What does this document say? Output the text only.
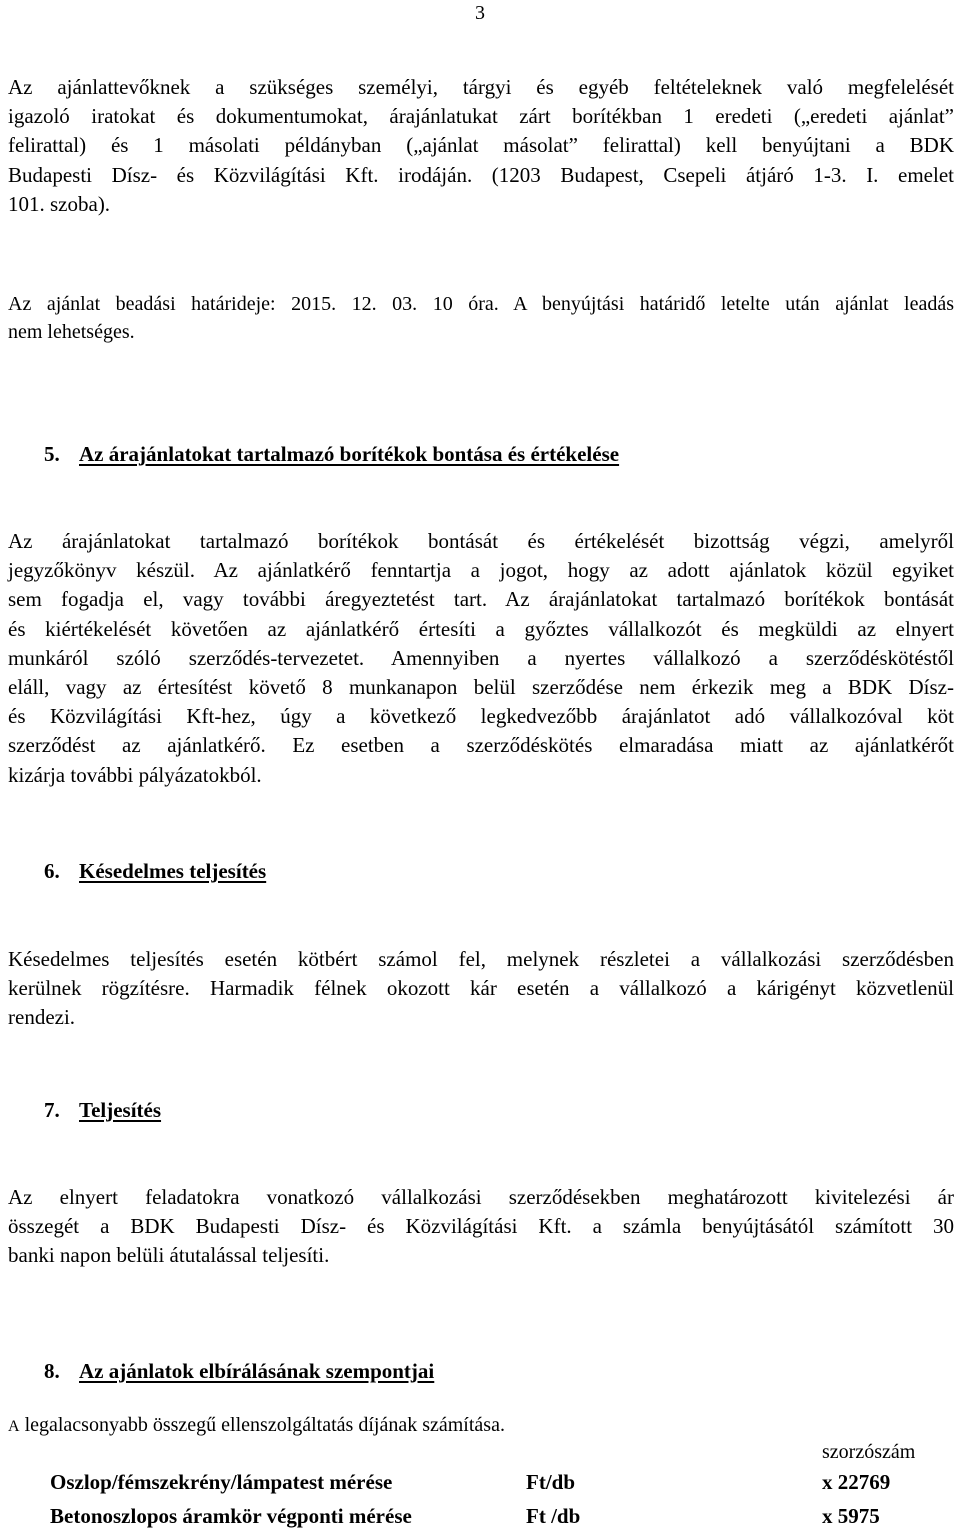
3
Az ajánlattevőknek a szükséges személyi, tárgyi és egyéb feltételeknek való megfelelését
igazoló iratokat és dokumentumokat, árajánlatukat zárt borítékban 1 eredeti („eredeti ajánlat”
felirattal) és 1 másolati példányban („ajánlat másolat” felirattal) kell benyújtani a BDK
Budapesti Dísz- és Közvilágítási Kft. irodáján. (1203 Budapest, Csepeli átjáró 1-3. I. emelet
101. szoba).
Az ajánlat beadási határideje: 2015. 12. 03. 10 óra. A benyújtási határidő letelte után ajánlat leadás
nem lehetséges.
5. Az árajánlatokat tartalmazó borítékok bontása és értékelése
Az árajánlatokat tartalmazó borítékok bontását és értékelését bizottság végzi, amelyről
jegyzőkönyv készül. Az ajánlatkérő fenntartja a jogot, hogy az adott ajánlatok közül egyiket
sem fogadja el, vagy további áregyeztetést tart. Az árajánlatokat tartalmazó borítékok bontását
és kiértékelését követően az ajánlatkérő értesíti a győztes vállalkozót és megküldi az elnyert
munkáról szóló szerződés-tervezetet. Amennyiben a nyertes vállalkozó a szerződéskötéstől
eláll, vagy az értesítést követő 8 munkanapon belül szerződése nem érkezik meg a BDK Dísz-
és Közvilágítási Kft-hez, úgy a következő legkedvezőbb árajánlatot adó vállalkozóval köt
szerződést az ajánlatkérő. Ez esetben a szerződéskötés elmaradása miatt az ajánlatkérőt
kizárja további pályázatokból.
6. Késedelmes teljesítés
Késedelmes teljesítés esetén kötbért számol fel, melynek részletei a vállalkozási szerződésben
kerülnek rögzítésre. Harmadik félnek okozott kár esetén a vállalkozó a kárigényt közvetlenül
rendezi.
7. Teljesítés
Az elnyert feladatokra vonatkozó vállalkozási szerződésekben meghatározott kivitelezési ár
összegét a BDK Budapesti Dísz- és Közvilágítási Kft. a számla benyújtásától számított 30
banki napon belüli átutalással teljesíti.
8. Az ajánlatok elbírálásának szempontjai
A legalacsonyabb összegű ellenszolgáltatás díjának számítása.
szorzószám
Oszlop/fémszekrény/lámpatest mérése	Ft/db	x 22769
Betonoszlopos áramkör végponti mérése	Ft /db	x 5975
